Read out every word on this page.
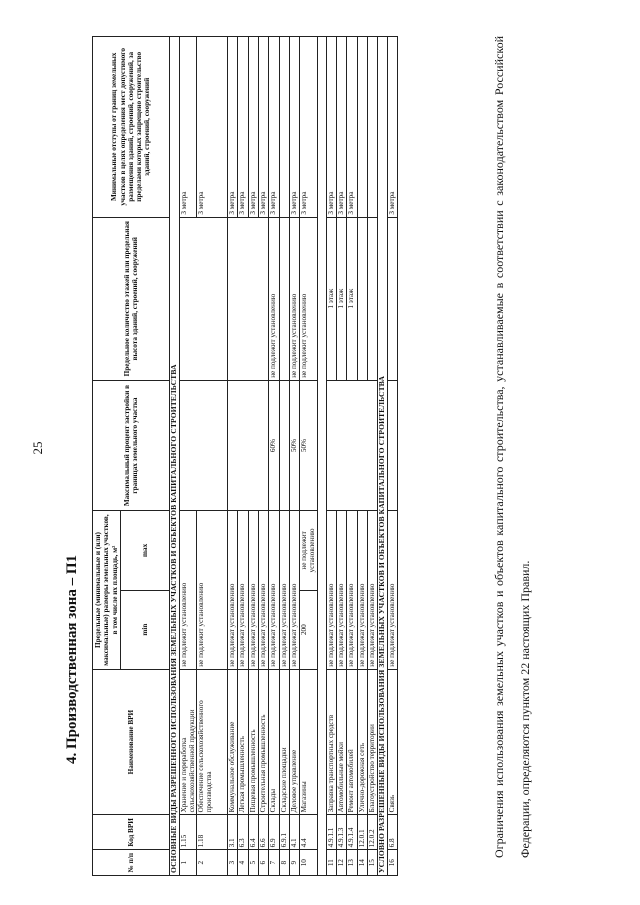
25
4. Производственная зона – П1
№ п/п	Код ВРИ	Наименование ВРИ	Предельные (минимальные и (или) максимальные) размеры земельных участков, в том числе их площадь, м²		Максимальный процент застройки в границах земельного участка	Предельное количество этажей или предельная высота зданий, строений, сооружений	Минимальные отступы от границ земельных участков в целях определения мест допустимого размещения зданий, строений, сооружений, за пределами которых запрещено строительство зданий, строений, сооружений
			min	max			
ОСНОВНЫЕ ВИДЫ РАЗРЕШЕННОГО ИСПОЛЬЗОВАНИЯ ЗЕМЕЛЬНЫХ УЧАСТКОВ И ОБЪЕКТОВ КАПИТАЛЬНОГО СТРОИТЕЛЬСТВА							
1	1.15	Хранение и переработка сельскохозяйственной продукции	не подлежит установлению				3 метра
2	1.18	Обеспечение сельскохозяйственного производства	не подлежит установлению				3 метра
3	3.1	Коммунальное обслуживание	не подлежат установлению				3 метра
4	6.3	Легкая промышленность	не подлежат установлению				3 метра
5	6.4	Пищевая промышленность	не подлежат установлению				3 метра
6	6.6	Строительная промышленность	не подлежат установлению				3 метра
7	6.9	Склады	не подлежат установлению		60%	не подлежит установлению	3 метра
8	6.9.1	Складские площадки	не подлежат установлению				
9	4.1	Деловое управление	не подлежат установлению		50%	не подлежит установлению	3 метра
10	4.4	Магазины	200	не подлежит установлению	50%	не подлежит установлению	3 метра

11	4.9.1.1	Заправка транспортных средств	не подлежат установлению			1 этаж	3 метра
12	4.9.1.3	Автомобильные мойки	не подлежат установлению			1 этаж	3 метра
13	4.9.1.4	Ремонт автомобилей	не подлежат установлению			1 этаж	3 метра
14	12.0.1	Улично-дорожная сеть	не подлежат установлению				
15	12.0.2	Благоустройство территории	не подлежат установлению				
УСЛОВНО РАЗРЕШЕННЫЕ ВИДЫ ИСПОЛЬЗОВАНИЯ ЗЕМЕЛЬНЫХ УЧАСТКОВ И ОБЪЕКТОВ КАПИТАЛЬНОГО СТРОИТЕЛЬСТВА							
16	6.8	Связь	не подлежат установлению				3 метра	Ограничения использования земельных участков и объектов капитального строительства, устанавливаемые в соответствии с законодательством Российской Федерации, определяются пунктом 22 настоящих Правил.
